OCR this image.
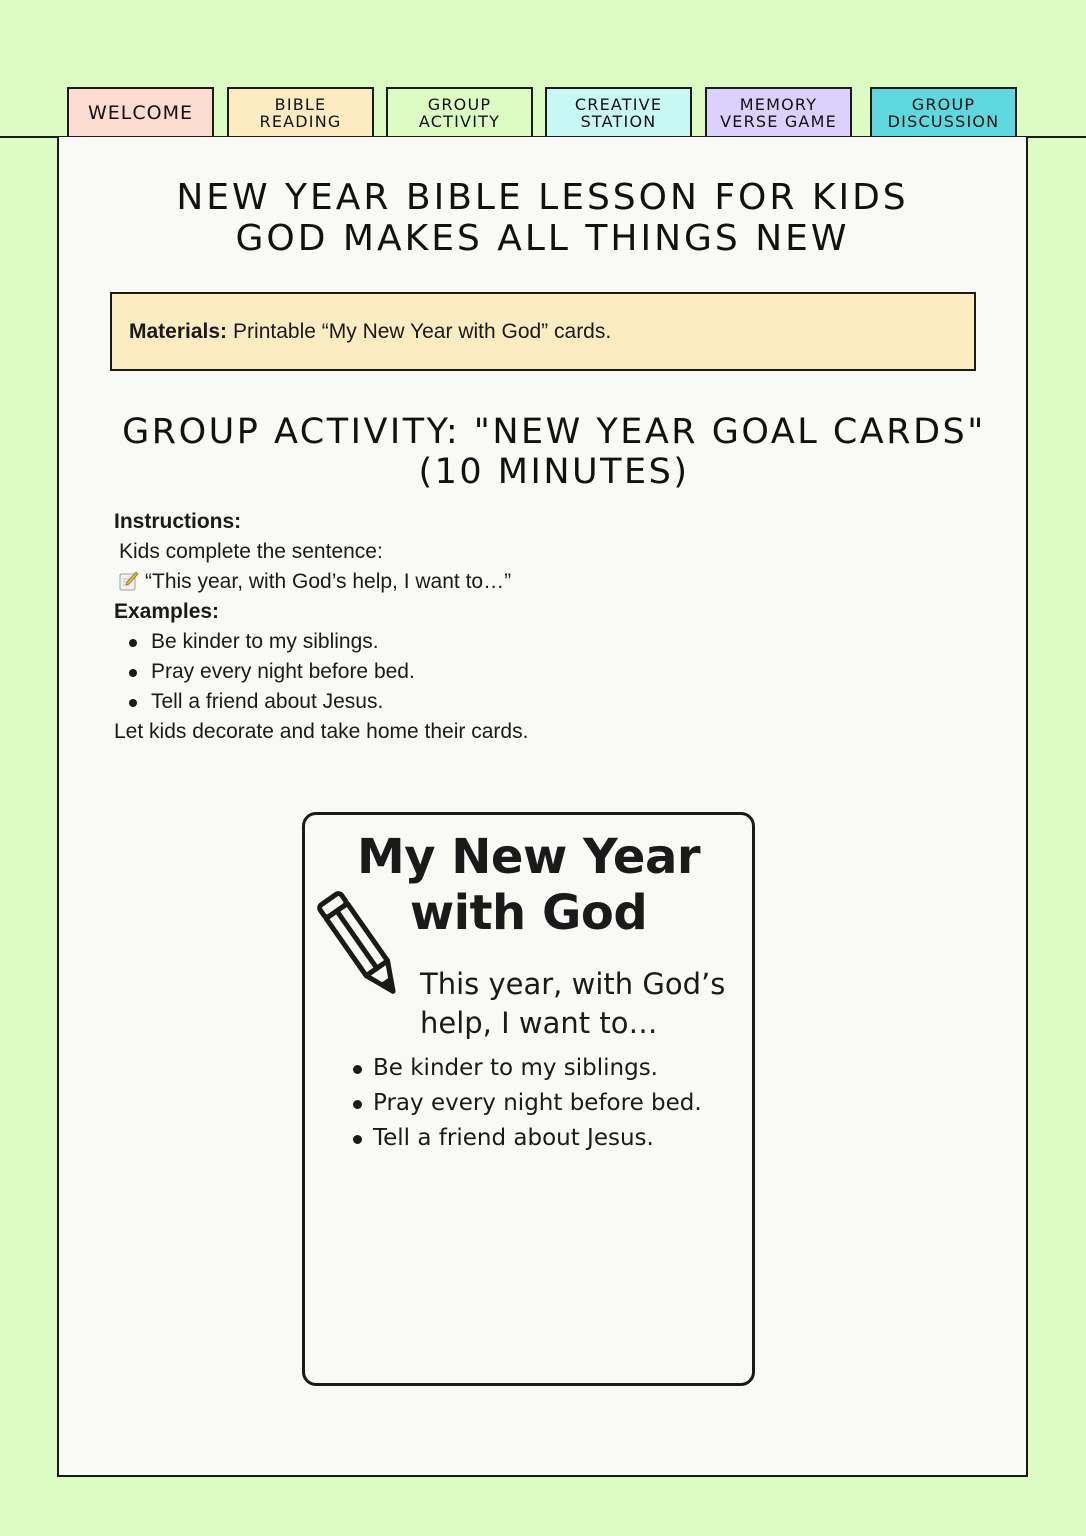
WELCOME	BIBLE
READING
GROUP
ACTIVITY
CREATIVE
STATION
MEMORY
VERSE GAME
GROUP
DISCUSSION
NEW YEAR BIBLE LESSON FOR KIDS
GOD MAKES ALL THINGS NEW
Materials: Printable “My New Year with God” cards.
GROUP ACTIVITY: "NEW YEAR GOAL CARDS"
(10 MINUTES)
Instructions:
Kids complete the sentence:
“This year, with God’s help, I want to…”
Examples:
Be kinder to my siblings.
Pray every night before bed.
Tell a friend about Jesus.
Let kids decorate and take home their cards.
My New Year
with God
This year, with God’s
help, I want to…
Be kinder to my siblings.
Pray every night before bed.
Tell a friend about Jesus.
